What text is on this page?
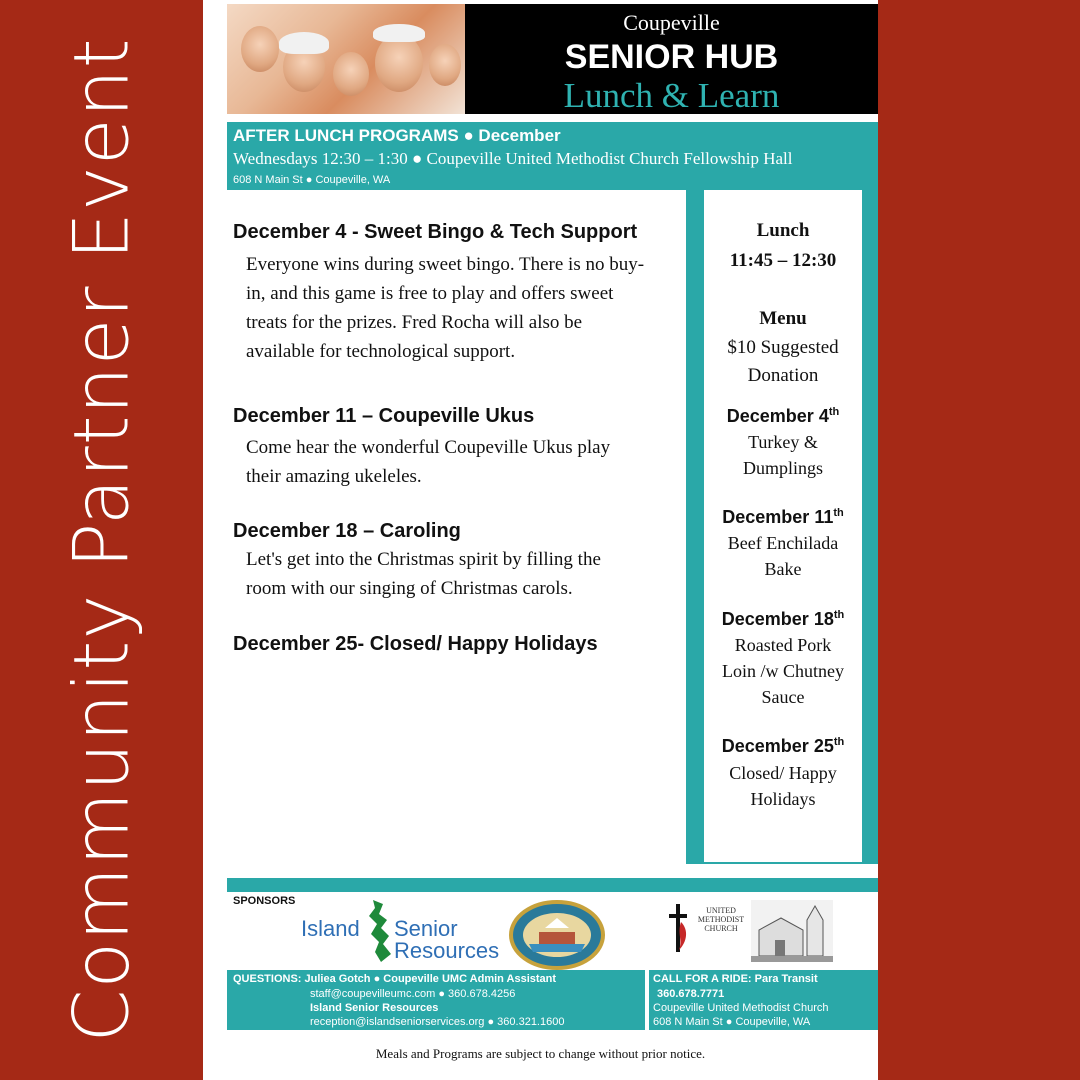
Community Partner Event
Coupeville
SENIOR HUB
Lunch & Learn
AFTER LUNCH PROGRAMS ● December
Wednesdays 12:30 – 1:30 ● Coupeville United Methodist Church Fellowship Hall
608 N Main St ● Coupeville, WA
December 4 - Sweet Bingo & Tech Support
Everyone wins during sweet bingo. There is no buy-
in, and this game is free to play and offers sweet
treats for the prizes. Fred Rocha will also be
available for technological support.
December 11 – Coupeville Ukus
Come hear the wonderful Coupeville Ukus play
their amazing ukeleles.
December 18 – Caroling
Let's get into the Christmas spirit by filling the
room with our singing of Christmas carols.
December 25- Closed/ Happy Holidays
Lunch
11:45 – 12:30
Menu
$10 Suggested
Donation
December 4th
Turkey &
Dumplings
December 11th
Beef Enchilada
Bake
December 18th
Roasted Pork
Loin /w Chutney
Sauce
December 25th
Closed/ Happy
Holidays
SPONSORS
Island Senior
Resources
UNITED
METHODIST
CHURCH
QUESTIONS: Juliea Gotch ● Coupeville UMC Admin Assistant
staff@coupevilleumc.com ● 360.678.4256
Island Senior Resources
reception@islandseniorservices.org ● 360.321.1600
CALL FOR A RIDE: Para Transit
360.678.7771
Coupeville United Methodist Church
608 N Main St ● Coupeville, WA
Meals and Programs are subject to change without prior notice.
